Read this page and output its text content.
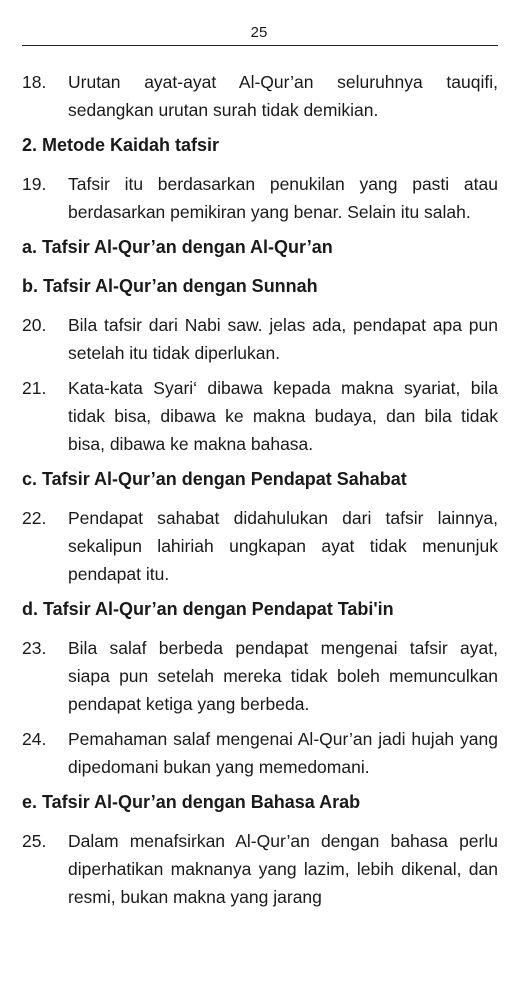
25
18. Urutan ayat-ayat Al-Qur’an seluruhnya tauqifi, sedangkan urutan surah tidak demikian.
2. Metode Kaidah tafsir
19. Tafsir itu berdasarkan penukilan yang pasti atau berdasarkan pemikiran yang benar. Selain itu salah.
a. Tafsir Al-Qur’an dengan Al-Qur’an
b. Tafsir Al-Qur’an dengan Sunnah
20. Bila tafsir dari Nabi saw. jelas ada, pendapat apa pun setelah itu tidak diperlukan.
21. Kata-kata Syari‘ dibawa kepada makna syariat, bila tidak bisa, dibawa ke makna budaya, dan bila tidak bisa, dibawa ke makna bahasa.
c. Tafsir Al-Qur’an dengan Pendapat Sahabat
22. Pendapat sahabat didahulukan dari tafsir lainnya, sekalipun lahiriah ungkapan ayat tidak menunjuk pendapat itu.
d. Tafsir Al-Qur’an dengan Pendapat Tabi'in
23. Bila salaf berbeda pendapat mengenai tafsir ayat, siapa pun setelah mereka tidak boleh memunculkan pendapat ketiga yang berbeda.
24. Pemahaman salaf mengenai Al-Qur’an jadi hujah yang dipedomani bukan yang memedomani.
e. Tafsir Al-Qur’an dengan Bahasa Arab
25. Dalam menafsirkan Al-Qur’an dengan bahasa perlu diperhatikan maknanya yang lazim, lebih dikenal, dan resmi, bukan makna yang jarang
